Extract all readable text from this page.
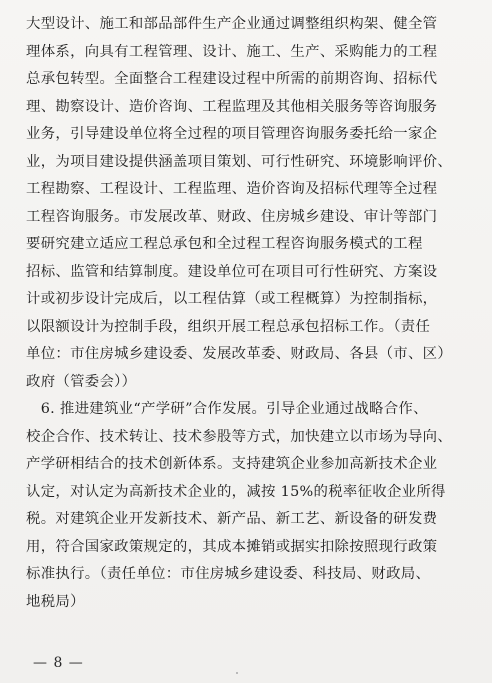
大型设计、施工和部品部件生产企业通过调整组织构架、健全管
理体系，向具有工程管理、设计、施工、生产、采购能力的工程
总承包转型。全面整合工程建设过程中所需的前期咨询、招标代
理、勘察设计、造价咨询、工程监理及其他相关服务等咨询服务
业务，引导建设单位将全过程的项目管理咨询服务委托给一家企
业，为项目建设提供涵盖项目策划、可行性研究、环境影响评价、
工程勘察、工程设计、工程监理、造价咨询及招标代理等全过程
工程咨询服务。市发展改革、财政、住房城乡建设、审计等部门
要研究建立适应工程总承包和全过程工程咨询服务模式的工程
招标、监管和结算制度。建设单位可在项目可行性研究、方案设
计或初步设计完成后，以工程估算（或工程概算）为控制指标，
以限额设计为控制手段，组织开展工程总承包招标工作。（责任
单位：市住房城乡建设委、发展改革委、财政局、各县（市、区）
政府（管委会））
　6. 推进建筑业“产学研”合作发展。引导企业通过战略合作、
校企合作、技术转让、技术参股等方式，加快建立以市场为导向、
产学研相结合的技术创新体系。支持建筑企业参加高新技术企业
认定，对认定为高新技术企业的，减按 15%的税率征收企业所得
税。对建筑企业开发新技术、新产品、新工艺、新设备的研发费
用，符合国家政策规定的，其成本摊销或据实扣除按照现行政策
标准执行。（责任单位：市住房城乡建设委、科技局、财政局、
地税局）
— 8 —
